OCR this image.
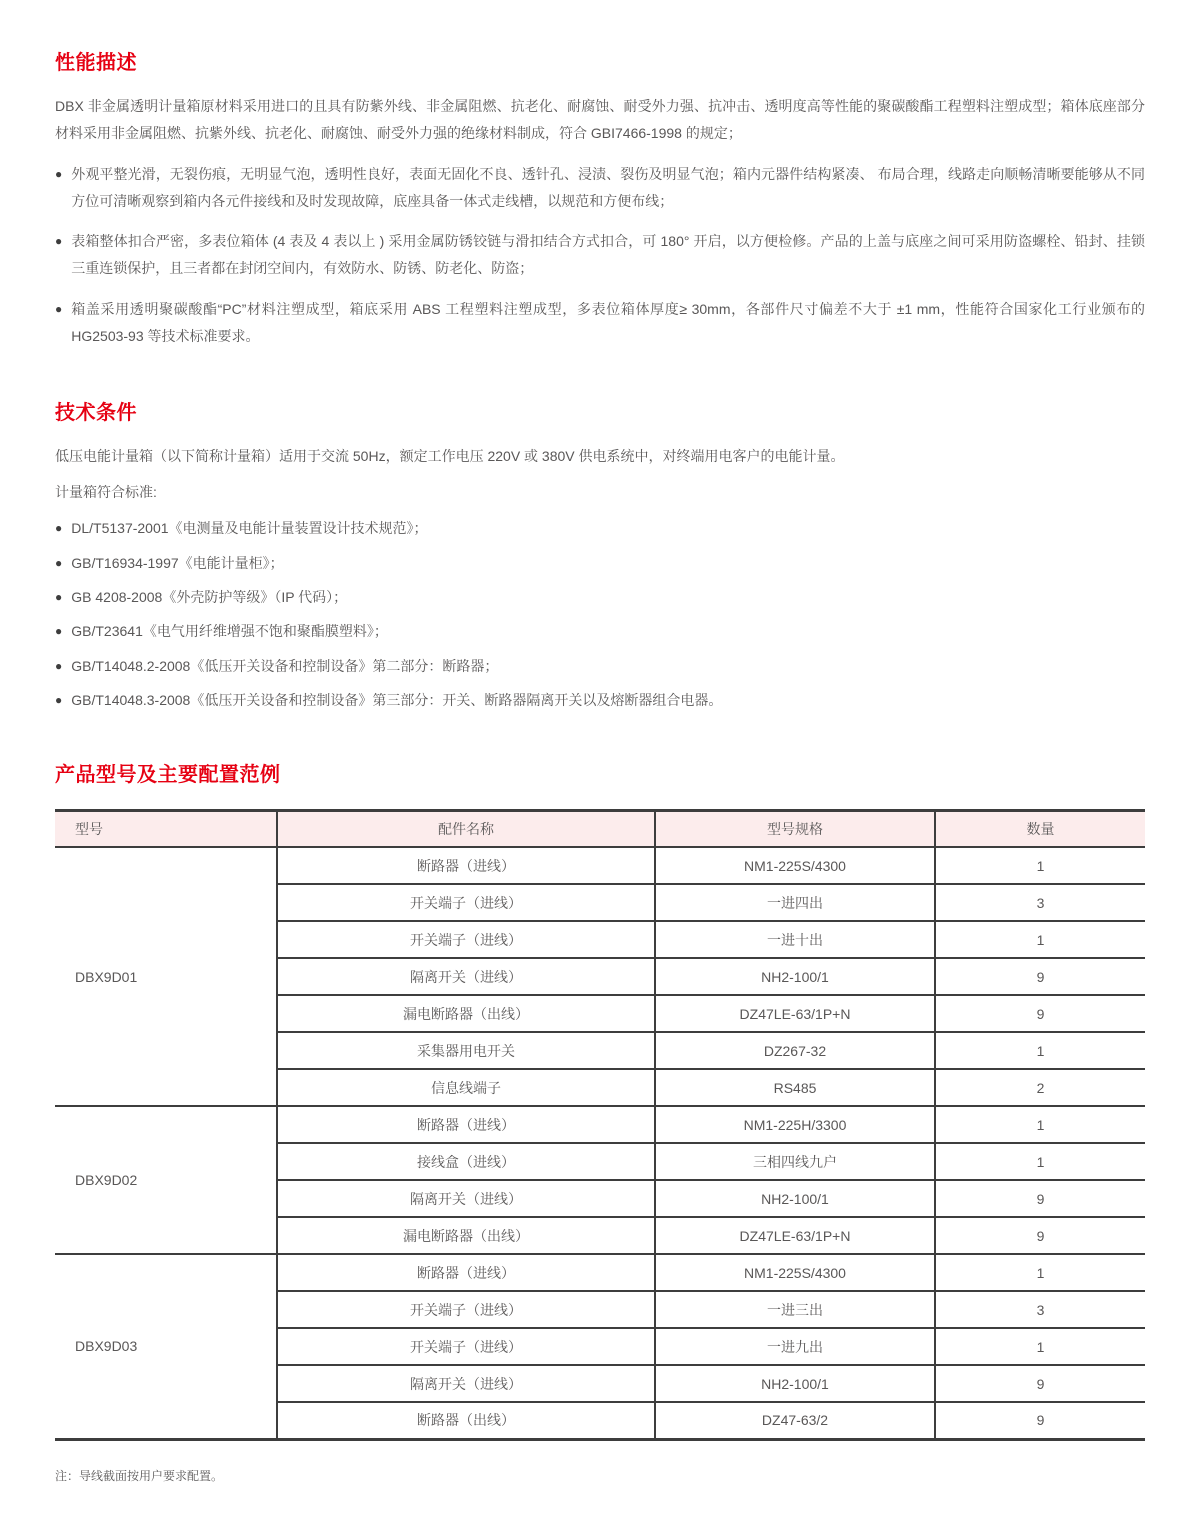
性能描述

DBX 非金属透明计量箱原材料采用进口的且具有防紫外线、非金属阻燃、抗老化、耐腐蚀、耐受外力强、抗冲击、透明度高等性能的聚碳酸酯工程塑料注塑成型；箱体底座部分材料采用非金属阻燃、抗紫外线、抗老化、耐腐蚀、耐受外力强的绝缘材料制成，符合 GBI7466-1998 的规定；

● 外观平整光滑，无裂伤痕，无明显气泡，透明性良好，表面无固化不良、透针孔、浸渍、裂伤及明显气泡；箱内元器件结构紧凑、 布局合理，线路走向顺畅清晰要能够从不同方位可清晰观察到箱内各元件接线和及时发现故障，底座具备一体式走线槽，以规范和方便布线；
● 表箱整体扣合严密，多表位箱体 (4 表及 4 表以上 ) 采用金属防锈铰链与滑扣结合方式扣合，可 180° 开启，以方便检修。产品的上盖与底座之间可采用防盗螺栓、铅封、挂锁三重连锁保护，且三者都在封闭空间内，有效防水、防锈、防老化、防盗；
● 箱盖采用透明聚碳酸酯“PC”材料注塑成型，箱底采用 ABS 工程塑料注塑成型，多表位箱体厚度≥ 30mm，各部件尺寸偏差不大于 ±1 mm，性能符合国家化工行业颁布的 HG2503-93 等技术标准要求。
技术条件

低压电能计量箱（以下简称计量箱）适用于交流 50Hz，额定工作电压 220V 或 380V 供电系统中，对终端用电客户的电能计量。

计量箱符合标准:

● DL/T5137-2001《电测量及电能计量装置设计技术规范》；
● GB/T16934-1997《电能计量柜》；
● GB 4208-2008《外壳防护等级》（IP 代码）；
● GB/T23641《电气用纤维增强不饱和聚酯膜塑料》；
● GB/T14048.2-2008《低压开关设备和控制设备》第二部分：断路器；
● GB/T14048.3-2008《低压开关设备和控制设备》第三部分：开关、断路器隔离开关以及熔断器组合电器。
产品型号及主要配置范例
型号	配件名称	型号规格	数量
DBX9D01	断路器（进线）	NM1-225S/4300	1
	开关端子（进线）	一进四出	3
	开关端子（进线）	一进十出	1
	隔离开关（进线）	NH2-100/1	9
	漏电断路器（出线）	DZ47LE-63/1P+N	9
	采集器用电开关	DZ267-32	1
	信息线端子	RS485	2
DBX9D02	断路器（进线）	NM1-225H/3300	1
	接线盒（进线）	三相四线九户	1
	隔离开关（进线）	NH2-100/1	9
	漏电断路器（出线）	DZ47LE-63/1P+N	9
DBX9D03	断路器（进线）	NM1-225S/4300	1
	开关端子（进线）	一进三出	3
	开关端子（进线）	一进九出	1
	隔离开关（进线）	NH2-100/1	9
	断路器（出线）	DZ47-63/2	9

注：导线截面按用户要求配置。
